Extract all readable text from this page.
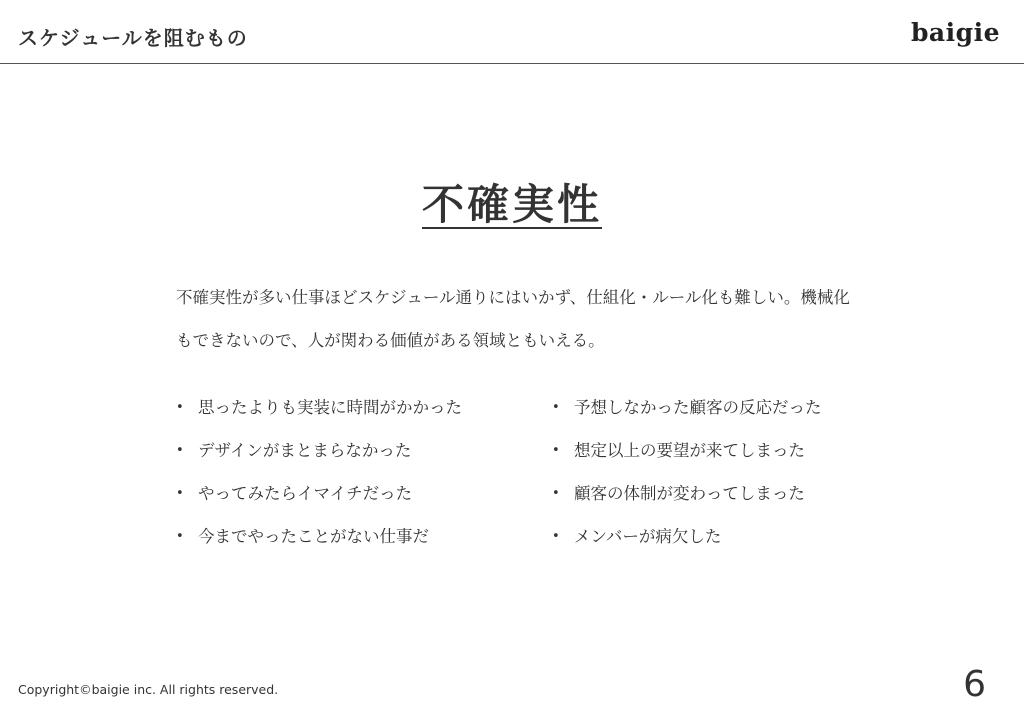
スケジュールを阻むもの	baigie
不確実性

不確実性が多い仕事ほどスケジュール通りにはいかず、仕組化・ルール化も難しい。機械化もできないので、人が関わる価値がある領域ともいえる。

• 思ったよりも実装に時間がかかった
• デザインがまとまらなかった
• やってみたらイマイチだった
• 今までやったことがない仕事だ
• 予想しなかった顧客の反応だった
• 想定以上の要望が来てしまった
• 顧客の体制が変わってしまった
• メンバーが病欠した
Copyright©baigie inc. All rights reserved.	6
